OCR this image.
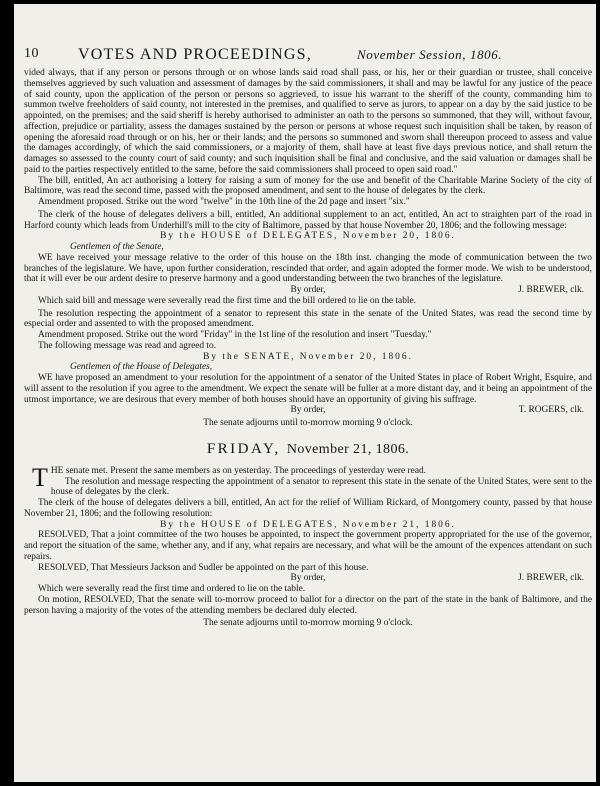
10 VOTES AND PROCEEDINGS,	November Session, 1806.

vided always, that if any person or persons through or on whose lands said road shall pass, or his, her or their guardian or trustee, shall conceive themselves aggrieved by such valuation and assessment of damages by the said commissioners, it shall and may be lawful for any justice of the peace of said county, upon the application of the person or persons so aggrieved, to issue his warrant to the sheriff of the county, commanding him to summon twelve freeholders of said county, not interested in the premises, and qualified to serve as jurors, to appear on a day by the said justice to be appointed, on the premises; and the said sheriff is hereby authorised to administer an oath to the persons so summoned, that they will, without favour, affection, prejudice or partiality, assess the damages sustained by the person or persons at whose request such inquisition shall be taken, by reason of opening the aforesaid road through or on his, her or their lands; and the persons so summoned and sworn shall thereupon proceed to assess and value the damages accordingly, of which the said commissioners, or a majority of them, shall have at least five days previous notice, and shall return the damages so assessed to the county court of said county; and such inquisition shall be final and conclusive, and the said valuation or damages shall be paid to the parties respectively entitled to the same, before the said commissioners shall proceed to open said road."

The bill, entitled, An act authorising a lottery for raising a sum of money for the use and benefit of the Charitable Marine Society of the city of Baltimore, was read the second time, passed with the proposed amendment, and sent to the house of delegates by the clerk.

Amendment proposed. Strike out the word "twelve" in the 10th line of the 2d page and insert "six."

The clerk of the house of delegates delivers a bill, entitled, An additional supplement to an act, entitled, An act to straighten part of the road in Harford county which leads from Underhill's mill to the city of Baltimore, passed by that house November 20, 1806; and the following message:

By the HOUSE of DELEGATES, November 20, 1806.

Gentlemen of the Senate,

WE have received your message relative to the order of this house on the 18th inst. changing the mode of communication between the two branches of the legislature. We have, upon further consideration, rescinded that order, and again adopted the former mode. We wish to be understood, that it will ever be our ardent desire to preserve harmony and a good understanding between the two branches of the legislature.

By order,	J. BREWER, clk.

Which said bill and message were severally read the first time and the bill ordered to lie on the table.

The resolution respecting the appointment of a senator to represent this state in the senate of the United States, was read the second time by especial order and assented to with the proposed amendment.

Amendment proposed. Strike out the word "Friday" in the 1st line of the resolution and insert "Tuesday."

The following message was read and agreed to.

By the SENATE, November 20, 1806.

Gentlemen of the House of Delegates,

WE have proposed an amendment to your resolution for the appointment of a senator of the United States in place of Robert Wright, Esquire, and will assent to the resolution if you agree to the amendment. We expect the senate will be fuller at a more distant day, and it being an appointment of the utmost importance, we are desirous that every member of both houses should have an opportunity of giving his suffrage.

By order,	T. ROGERS, clk.

The senate adjourns until to-morrow morning 9 o'clock.

FRIDAY, November 21, 1806.

THE senate met. Present the same members as on yesterday. The proceedings of yesterday were read.

The resolution and message respecting the appointment of a senator to represent this state in the senate of the United States, were sent to the house of delegates by the clerk.

The clerk of the house of delegates delivers a bill, entitled, An act for the relief of William Rickard, of Montgomery county, passed by that house November 21, 1806; and the following resolution:

By the HOUSE of DELEGATES, November 21, 1806.

RESOLVED, That a joint committee of the two houses be appointed, to inspect the government property appropriated for the use of the governor, and report the situation of the same, whether any, and if any, what repairs are necessary, and what will be the amount of the expences attendant on such repairs.

RESOLVED, That Messieurs Jackson and Sudler be appointed on the part of this house.

By order,	J. BREWER, clk.

Which were severally read the first time and ordered to lie on the table.

On motion, RESOLVED, That the senate will to-morrow proceed to ballot for a director on the part of the state in the bank of Baltimore, and the person having a majority of the votes of the attending members be declared duly elected.

The senate adjourns until to-morrow morning 9 o'clock.
